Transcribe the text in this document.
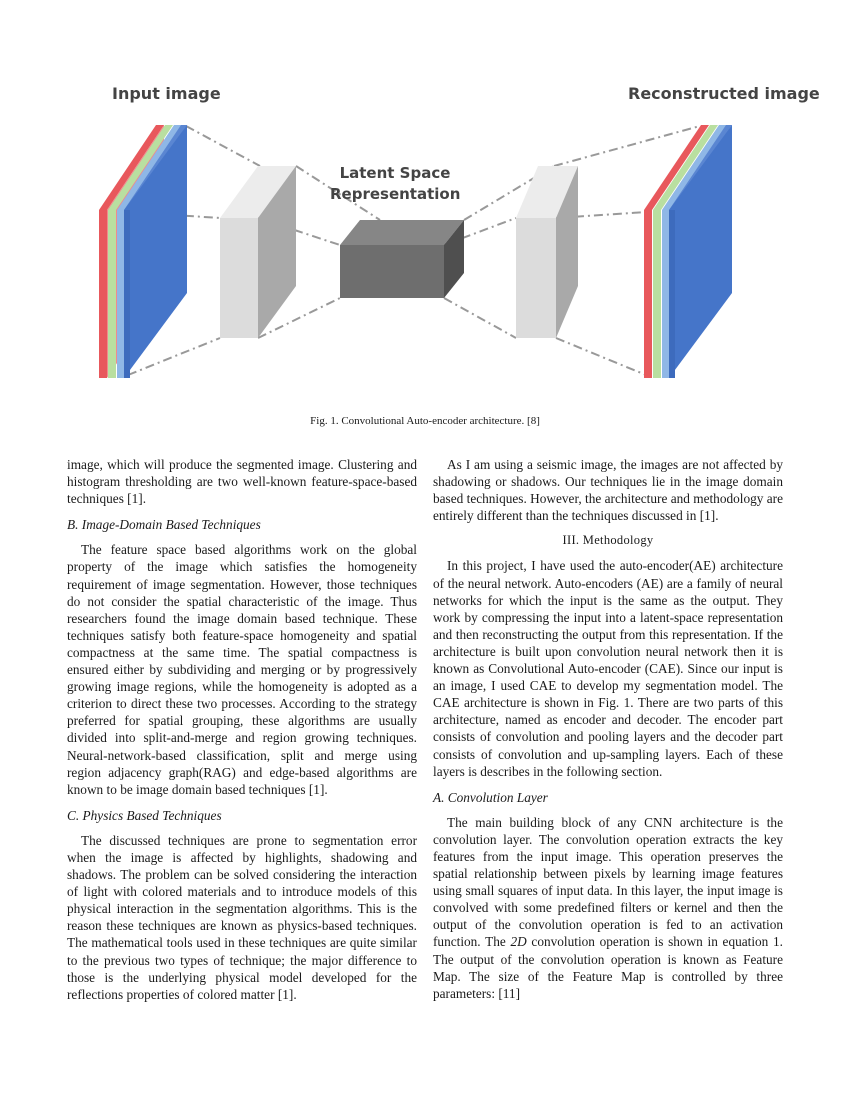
Input image	Reconstructed image
Latent Space
Representation
Fig. 1. Convolutional Auto-encoder architecture. [8]

image, which will produce the segmented image. Clustering and histogram thresholding are two well-known feature-space-based techniques [1].

B. Image-Domain Based Techniques

The feature space based algorithms work on the global property of the image which satisfies the homogeneity requirement of image segmentation. However, those techniques do not consider the spatial characteristic of the image. Thus researchers found the image domain based technique. These techniques satisfy both feature-space homogeneity and spatial compactness at the same time. The spatial compactness is ensured either by subdividing and merging or by progressively growing image regions, while the homogeneity is adopted as a criterion to direct these two processes. According to the strategy preferred for spatial grouping, these algorithms are usually divided into split-and-merge and region growing techniques. Neural-network-based classification, split and merge using region adjacency graph(RAG) and edge-based algorithms are known to be image domain based techniques [1].

C. Physics Based Techniques

The discussed techniques are prone to segmentation error when the image is affected by highlights, shadowing and shadows. The problem can be solved considering the interaction of light with colored materials and to introduce models of this physical interaction in the segmentation algorithms. This is the reason these techniques are known as physics-based techniques. The mathematical tools used in these techniques are quite similar to the previous two types of technique; the major difference to those is the underlying physical model developed for the reflections properties of colored matter [1].

As I am using a seismic image, the images are not affected by shadowing or shadows. Our techniques lie in the image domain based techniques. However, the architecture and methodology are entirely different than the techniques discussed in [1].

III. Methodology

In this project, I have used the auto-encoder(AE) architecture of the neural network. Auto-encoders (AE) are a family of neural networks for which the input is the same as the output. They work by compressing the input into a latent-space representation and then reconstructing the output from this representation. If the architecture is built upon convolution neural network then it is known as Convolutional Auto-encoder (CAE). Since our input is an image, I used CAE to develop my segmentation model. The CAE architecture is shown in Fig. 1. There are two parts of this architecture, named as encoder and decoder. The encoder part consists of convolution and pooling layers and the decoder part consists of convolution and up-sampling layers. Each of these layers is describes in the following section.

A. Convolution Layer

The main building block of any CNN architecture is the convolution layer. The convolution operation extracts the key features from the input image. This operation preserves the spatial relationship between pixels by learning image features using small squares of input data. In this layer, the input image is convolved with some predefined filters or kernel and then the output of the convolution operation is fed to an activation function. The 2D convolution operation is shown in equation 1. The output of the convolution operation is known as Feature Map. The size of the Feature Map is controlled by three parameters: [11]
